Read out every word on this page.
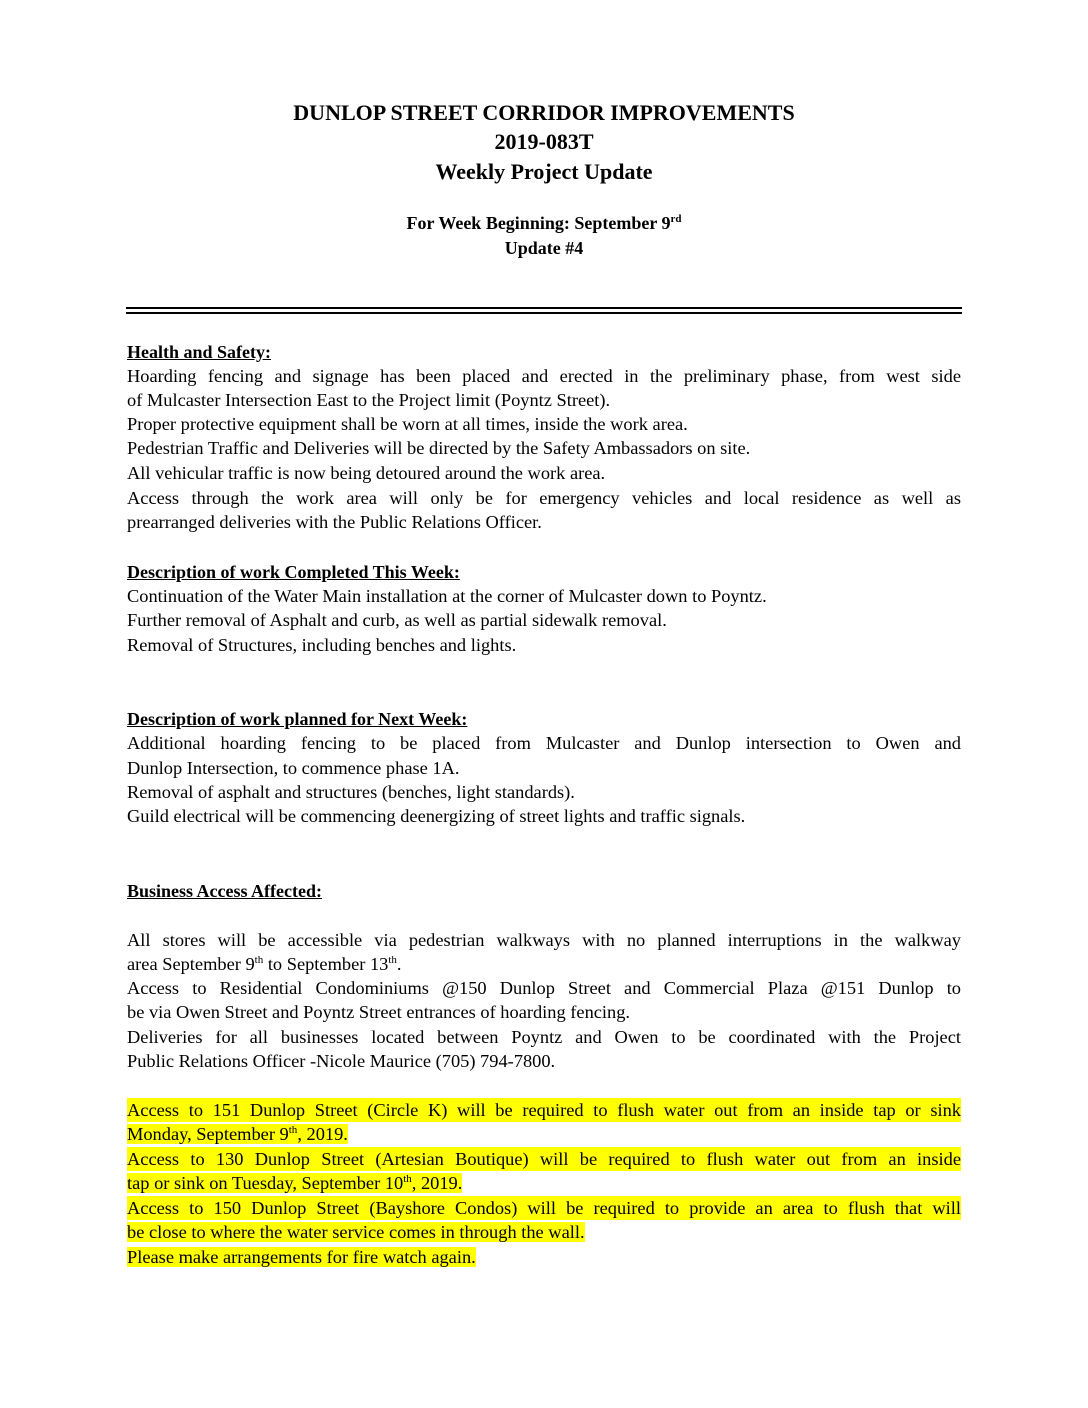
DUNLOP STREET CORRIDOR IMPROVEMENTS
2019-083T
Weekly Project Update
For Week Beginning: September 9rd
Update #4
Health and Safety:
Hoarding fencing and signage has been placed and erected in the preliminary phase, from west side
of Mulcaster Intersection East to the Project limit (Poyntz Street).
Proper protective equipment shall be worn at all times, inside the work area.
Pedestrian Traffic and Deliveries will be directed by the Safety Ambassadors on site.
All vehicular traffic is now being detoured around the work area.
Access through the work area will only be for emergency vehicles and local residence as well as
prearranged deliveries with the Public Relations Officer.
Description of work Completed This Week:
Continuation of the Water Main installation at the corner of Mulcaster down to Poyntz.
Further removal of Asphalt and curb, as well as partial sidewalk removal.
Removal of Structures, including benches and lights.
Description of work planned for Next Week:
Additional hoarding fencing to be placed from Mulcaster and Dunlop intersection to Owen and
Dunlop Intersection, to commence phase 1A.
Removal of asphalt and structures (benches, light standards).
Guild electrical will be commencing deenergizing of street lights and traffic signals.
Business Access Affected:
All stores will be accessible via pedestrian walkways with no planned interruptions in the walkway
area September 9th to September 13th.
Access to Residential Condominiums @150 Dunlop Street and Commercial Plaza @151 Dunlop to
be via Owen Street and Poyntz Street entrances of hoarding fencing.
Deliveries for all businesses located between Poyntz and Owen to be coordinated with the Project
Public Relations Officer -Nicole Maurice (705) 794-7800.
Access to 151 Dunlop Street (Circle K) will be required to flush water out from an inside tap or sink
Monday, September 9th, 2019.
Access to 130 Dunlop Street (Artesian Boutique) will be required to flush water out from an inside
tap or sink on Tuesday, September 10th, 2019.
Access to 150 Dunlop Street (Bayshore Condos) will be required to provide an area to flush that will
be close to where the water service comes in through the wall.
Please make arrangements for fire watch again.
